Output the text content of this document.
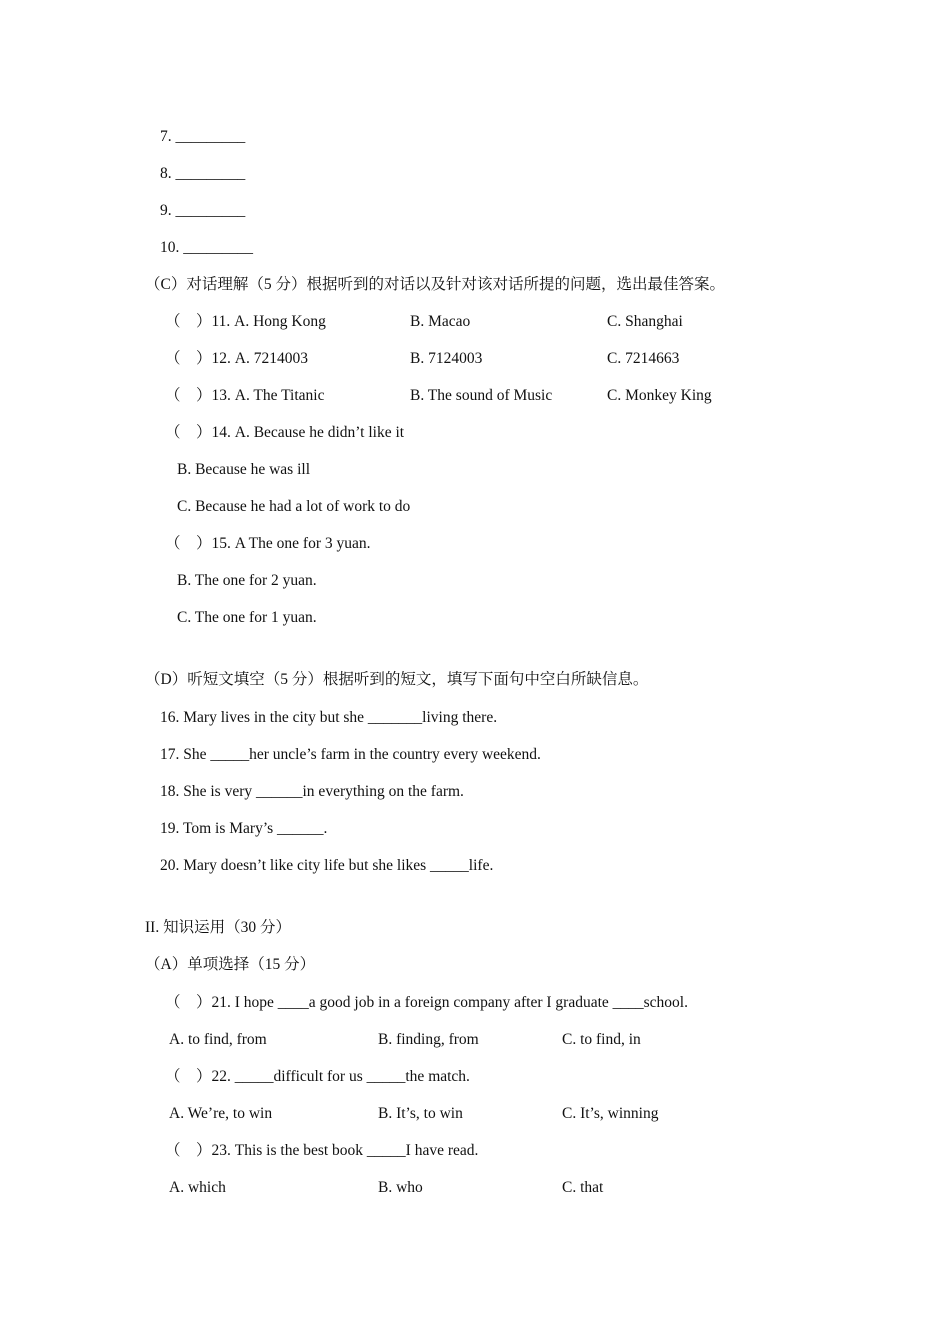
7. _________
8. _________
9. _________
10. _________
（C）对话理解（5 分）根据听到的对话以及针对该对话所提的问题，选出最佳答案。
（    ）11. A. Hong Kong	B. Macao	C. Shanghai
（    ）12. A. 7214003	B. 7124003	C. 7214663
（    ）13. A. The Titanic	B. The sound of Music	C. Monkey King
（    ）14. A. Because he didn’t like it
B. Because he was ill
C. Because he had a lot of work to do
（    ）15. A The one for 3 yuan.
B. The one for 2 yuan.
C. The one for 1 yuan.
（D）听短文填空（5 分）根据听到的短文，填写下面句中空白所缺信息。
16. Mary lives in the city but she _______living there.
17. She _____her uncle’s farm in the country every weekend.
18. She is very ______in everything on the farm.
19. Tom is Mary’s ______.
20. Mary doesn’t like city life but she likes _____life.
II. 知识运用（30 分）
（A）单项选择（15 分）
（    ）21. I hope ____a good job in a foreign company after I graduate ____school.
A. to find, from	B. finding, from	C. to find, in
（    ）22. _____difficult for us _____the match.
A. We’re, to win	B. It’s, to win	C. It’s, winning
（    ）23. This is the best book _____I have read.
A. which	B. who	C. that
